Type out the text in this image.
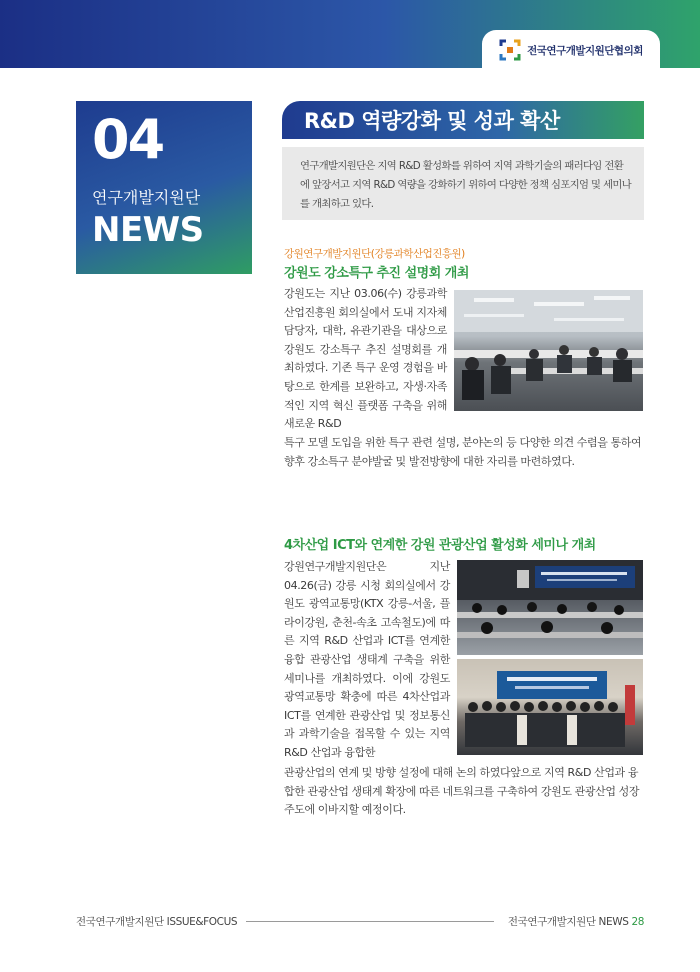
전국연구개발지원단협의회
04
연구개발지원단
NEWS
R&D 역량강화 및 성과 확산
연구개발지원단은 지역 R&D 활성화를 위하여 지역 과학기술의 패러다임 전환에 앞장서고 지역 R&D 역량을 강화하기 위하여 다양한 정책 심포지엄 및 세미나를 개최하고 있다.
강원연구개발지원단(강릉과학산업진흥원)
강원도 강소특구 추진 설명회 개최
강원도는 지난 03.06(수) 강릉과학산업진흥원 회의실에서 도내 지자체 담당자, 대학, 유관기관을 대상으로 강원도 강소특구 추진 설명회를 개최하였다. 기존 특구 운영 경험을 바탕으로 한계를 보완하고, 자생·자족적인 지역 혁신 플랫폼 구축을 위해 새로운 R&D
특구 모델 도입을 위한 특구 관련 설명, 분야논의 등 다양한 의견 수렴을 통하여 향후 강소특구 분야발굴 및 발전방향에 대한 자리를 마련하였다.
4차산업 ICT와 연계한 강원 관광산업 활성화 세미나 개최
강원연구개발지원단은 지난 04.26(금) 강릉 시청 회의실에서 강원도 광역교통망(KTX 강릉-서울, 플라이강원, 춘천-속초 고속철도)에 따른 지역 R&D 산업과 ICT를 연계한 융합 관광산업 생태계 구축을 위한 세미나를 개최하였다. 이에 강원도 광역교통망 확충에 따른 4차산업과 ICT를 연계한 관광산업 및 정보통신과 과학기술을 접목할 수 있는 지역 R&D 산업과 융합한
관광산업의 연계 및 방향 설정에 대해 논의 하였다앞으로 지역 R&D 산업과 융합한 관광산업 생태계 확장에 따른 네트워크를 구축하여 강원도 관광산업 성장주도에 이바지할 예정이다.
전국연구개발지원단 ISSUE&FOCUS	전국연구개발지원단 NEWS 28
